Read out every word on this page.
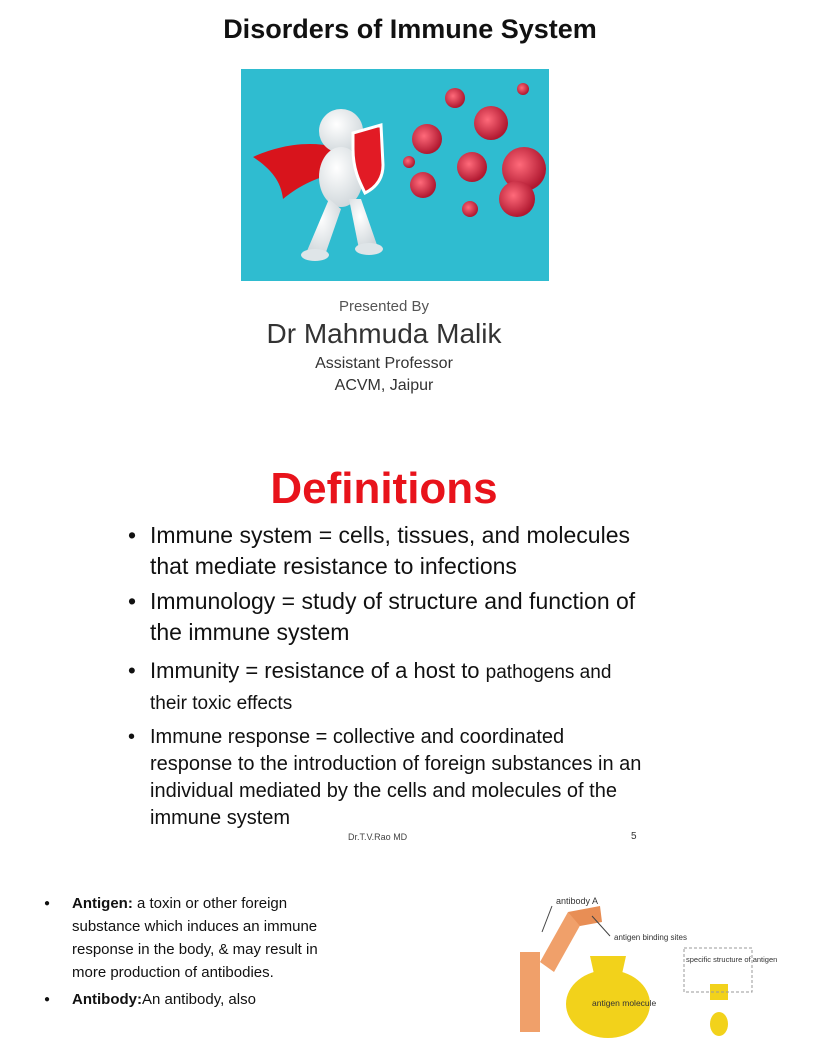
Disorders of Immune System
Presented By
Dr Mahmuda Malik
Assistant Professor
ACVM, Jaipur
Definitions
• Immune system = cells, tissues, and molecules that mediate resistance to infections
• Immunology = study of structure and function of the immune system
• Immunity = resistance of a host to pathogens and their toxic effects
• Immune response = collective and coordinated response to the introduction of foreign substances in an individual mediated by the cells and molecules of the immune system
Dr.T.V.Rao MD	5
● Antigen: a toxin or other foreign substance which induces an immune response in the body, & may result in more production of antibodies.
● Antibody:An antibody, also
antibody A
antigen binding sites
specific structure of antigen
antigen molecule
